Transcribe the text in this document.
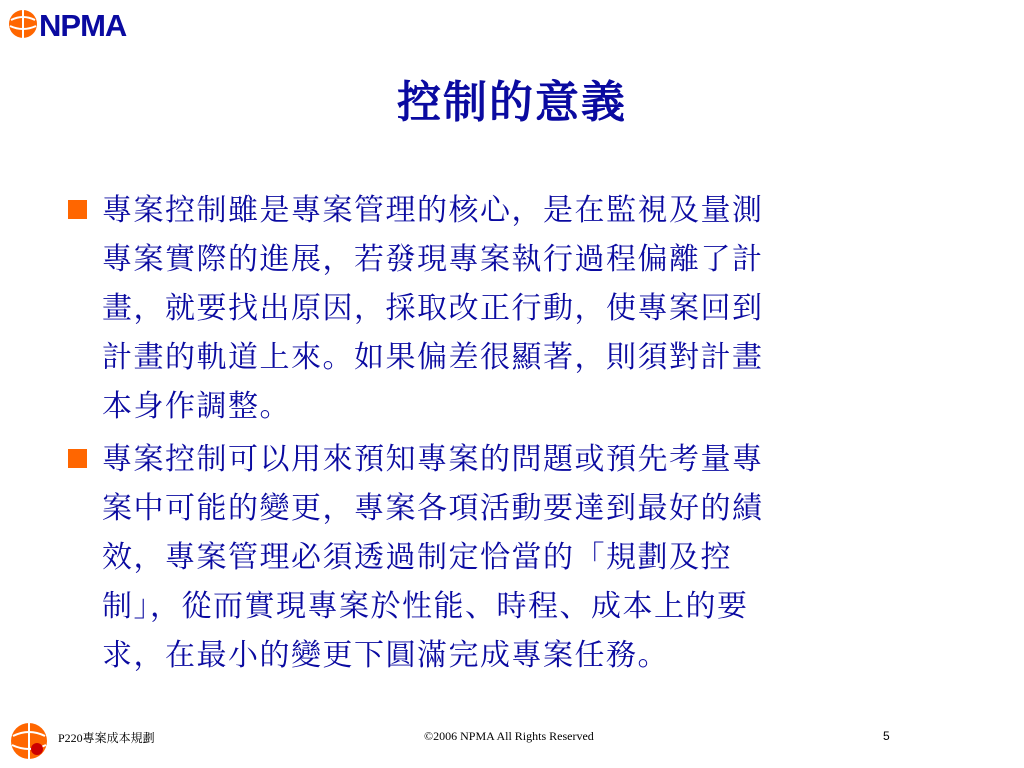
NPMA
控制的意義
專案控制雖是專案管理的核心，是在監視及量測
專案實際的進展，若發現專案執行過程偏離了計
畫，就要找出原因，採取改正行動，使專案回到
計畫的軌道上來。如果偏差很顯著，則須對計畫
本身作調整。
專案控制可以用來預知專案的問題或預先考量專
案中可能的變更，專案各項活動要達到最好的績
效，專案管理必須透過制定恰當的「規劃及控
制」，從而實現專案於性能、時程、成本上的要
求，在最小的變更下圓滿完成專案任務。
P220專案成本規劃	©2006 NPMA All Rights Reserved	5
